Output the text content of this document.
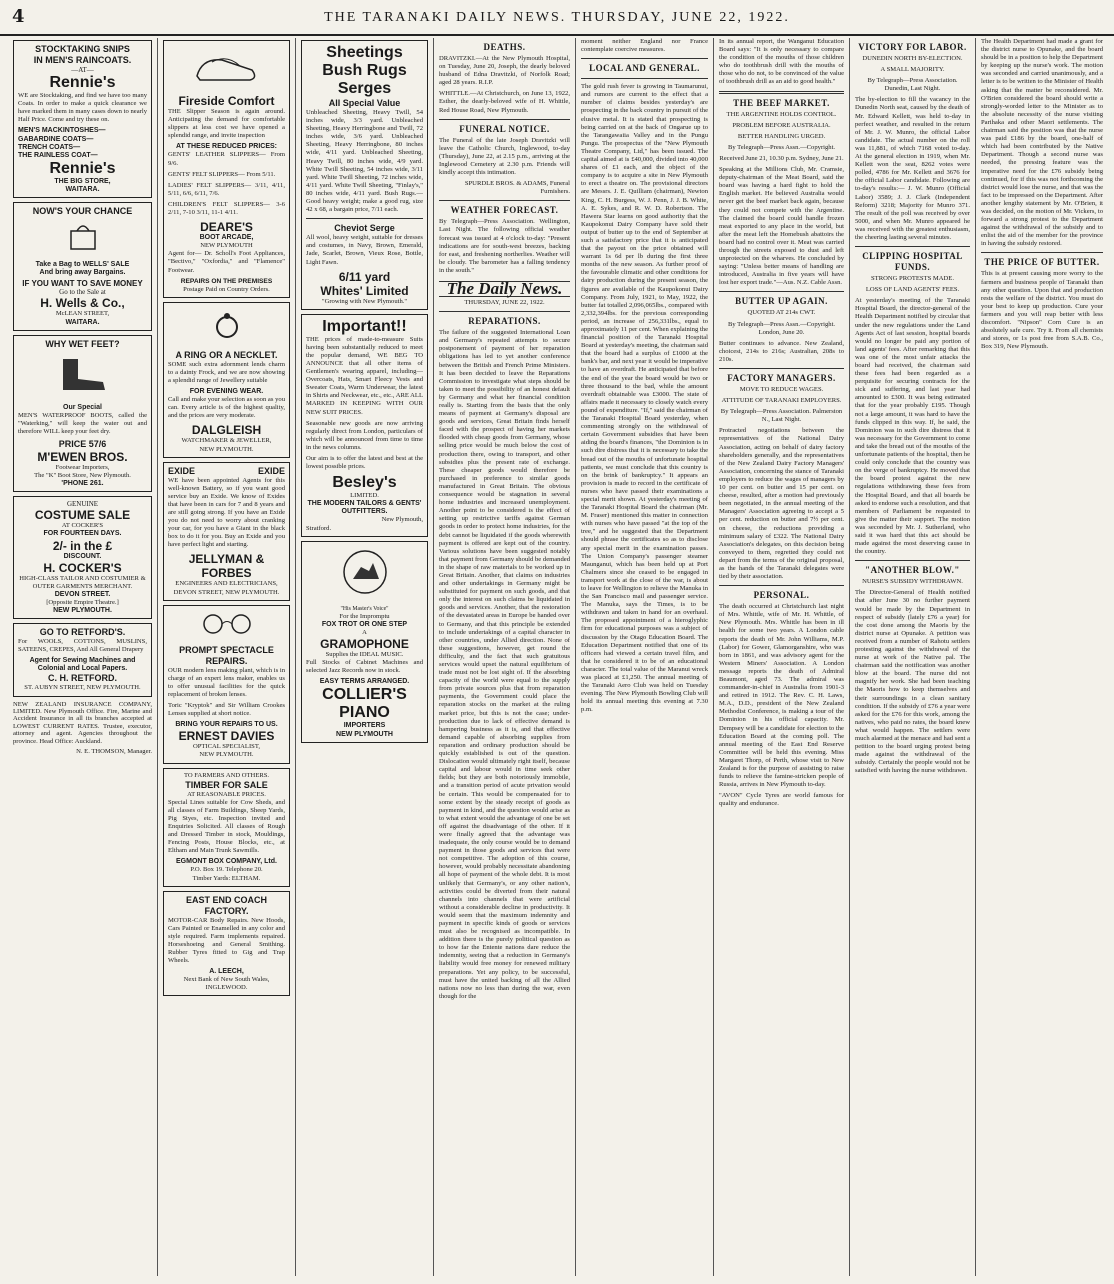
4	THE TARANAKI DAILY NEWS. THURSDAY, JUNE 22, 1922.
STOCKTAKING SNIPS
IN MEN'S RAINCOATS.
—AT—
Rennie's
WE are Stocktaking, and find we have too many Coats. In order to make a quick clearance we have marked them in many cases down to nearly Half Price. Come and try these on.
MEN'S MACKINTOSHES—
GABARDINE COATS—
TRENCH COATS—
THE RAINLESS COAT—
Rennie's
THE BIG STORE,
WAITARA.
NOW'S YOUR CHANCE
Take a Bag to WELLS' SALE
And bring away Bargains.
IF YOU WANT TO SAVE MONEY
Go to the Sale at
H. Wells & Co.,
McLEAN STREET,
WAITARA.
WHY WET FEET?
Our Special
MEN'S WATERPROOF BOOTS, called the "Waterking," will keep the water out and therefore WILL keep your feet dry.
PRICE 57/6
M'EWEN BROS.
Footwear Importers,
The "K" Boot Store, New Plymouth.
'PHONE 261.
GENUINE
COSTUME SALE
AT COCKER'S
FOR FOURTEEN DAYS.
2/- in the £
DISCOUNT.
H. COCKER'S
HIGH-CLASS TAILOR AND COSTUMIER & OUTER GARMENTS MERCHANT.
DEVON STREET.
[Opposite Empire Theatre.]
NEW PLYMOUTH.
GO TO RETFORD'S.
For WOOLS, COTTONS, MUSLINS, SATEENS, CREPES, And All General Drapery
Agent for Sewing Machines and Colonial and Local Papers.
C. H. RETFORD.
ST. AUBYN STREET, NEW PLYMOUTH.
NEW ZEALAND INSURANCE COMPANY, LIMITED. New Plymouth Office. Fire, Marine and Accident Insurance in all its branches accepted at LOWEST CURRENT RATES. Trustee, executor, attorney and agent. Agencies throughout the province. Head Office: Auckland.
N. E. THOMSON, Manager.
Fireside Comfort
THE Slipper Season is again around. Anticipating the demand for comfortable slippers at less cost we have opened a splendid range, and invite inspection
AT THESE REDUCED PRICES:
GENTS' LEATHER SLIPPERS— From 9/6.
GENTS' FELT SLIPPERS— From 5/11.
LADIES' FELT SLIPPERS— 3/11, 4/11, 5/11, 6/6, 6/11, 7/6.
CHILDREN'S FELT SLIPPERS— 3-6 2/11, 7-10 3/11, 11-1 4/11.
DEARE'S
BOOT ARCADE,
NEW PLYMOUTH
Agent for— Dr. Scholl's Foot Appliances, "Bectivo," "Oxfordia," and "Flamence" Footwear.
REPAIRS ON THE PREMISES
Postage Paid on Country Orders.
A RING OR A NECKLET.
SOME such extra adornment lends charm to a dainty Frock, and we are now showing a splendid range of Jewellery suitable
FOR EVENING WEAR.
Call and make your selection as soon as you can. Every article is of the highest quality, and the prices are very moderate.
DALGLEISH
WATCHMAKER & JEWELLER,
NEW PLYMOUTH.
EXIDE	EXIDE
WE have been appointed Agents for this well-known Battery, so if you want good service buy an Exide. We know of Exides that have been in cars for 7 and 8 years and are still going strong. If you have an Exide you do not need to worry about cranking your car, for you have a Giant in the black box to do it for you. Buy an Exide and you have perfect light and starting.
JELLYMAN & FORBES
ENGINEERS AND ELECTRICIANS,
DEVON STREET, NEW PLYMOUTH.
PROMPT SPECTACLE REPAIRS.
OUR modern lens making plant, which is in charge of an expert lens maker, enables us to offer unusual facilities for the quick replacement of broken lenses.
Toric "Kryptok" and Sir William Crookes Lenses supplied at short notice.
BRING YOUR REPAIRS TO US.
ERNEST DAVIES
OPTICAL SPECIALIST,
NEW PLYMOUTH.
TO FARMERS AND OTHERS.
TIMBER FOR SALE
AT REASONABLE PRICES.
Special Lines suitable for Cow Sheds, and all classes of Farm Buildings, Sheep Yards, Pig Styes, etc. Inspection invited and Enquiries Solicited. All classes of Rough and Dressed Timber in stock, Mouldings, Fencing Posts, House Blocks, etc., at Eltham and Main Trunk Sawmills.
EGMONT BOX COMPANY, Ltd.
P.O. Box 19. Telephone 20.
Timber Yards: ELTHAM.
EAST END COACH FACTORY.
MOTOR-CAR Body Repairs. New Hoods, Cars Painted or Enamelled in any color and style required. Farm implements repaired. Horseshoeing and General Smithing. Rubber Tyres fitted to Gig and Trap Wheels.
A. LEECH,
Next Bank of New South Wales, INGLEWOOD.
Sheetings
Bush Rugs
Serges
All Special Value
Unbleached Sheeting, Heavy Twill, 54 inches wide, 3/3 yard. Unbleached Sheeting, Heavy Herringbone and Twill, 72 inches wide, 3/6 yard. Unbleached Sheeting, Heavy Herringbone, 80 inches wide, 4/11 yard. Unbleached Sheeting, Heavy Twill, 80 inches wide, 4/9 yard. White Twill Sheeting, 54 inches wide, 3/11 yard. White Twill Sheeting, 72 inches wide, 4/11 yard. White Twill Sheeting, "Finlay's," 80 inches wide, 4/11 yard. Bush Rugs.—Good heavy weight; make a good rug, size 42 x 68, a bargain price, 7/11 each.
Cheviot Serge
All wool, heavy weight, suitable for dresses and costumes, in Navy, Brown, Emerald, Jade, Scarlet, Brown, Vieux Rose, Bottle, Light Fawn.
6/11 yard
Whites' Limited
"Growing with New Plymouth."
Important!!
THE prices of made-to-measure Suits having been substantially reduced to meet the popular demand, WE BEG TO ANNOUNCE that all other items of Gentlemen's wearing apparel, including—Overcoats, Hats, Smart Fleecy Vests and Sweater Coats, Warm Underwear, the latest in Shirts and Neckwear, etc., etc., ARE ALL MARKED IN KEEPING WITH OUR NEW SUIT PRICES.
Seasonable new goods are now arriving regularly direct from London, particulars of which will be announced from time to time in the news columns.
Our aim is to offer the latest and best at the lowest possible prices.
Besley's
LIMITED.
THE MODERN TAILORS & GENTS' OUTFITTERS.
New Plymouth,
Stratford.
"His Master's Voice"
For the Impromptu
FOX TROT OR ONE STEP
A
GRAMOPHONE
Supplies the IDEAL MUSIC.
Full Stocks of Cabinet Machines and selected Jazz Records now in stock.
EASY TERMS ARRANGED.
COLLIER'S PIANO
IMPORTERS
NEW PLYMOUTH
DEATHS.
DRAVITZKI.—At the New Plymouth Hospital, on Tuesday, June 20, Joseph, the dearly beloved husband of Edna Dravitzki, of Norfolk Road; aged 28 years. R.I.P.
WHITTLE.—At Christchurch, on June 13, 1922, Esther, the dearly-beloved wife of H. Whittle, Red House Road, New Plymouth.
FUNERAL NOTICE.
The Funeral of the late Joseph Dravitzki will leave the Catholic Church, Inglewood, to-day (Thursday), June 22, at 2.15 p.m., arriving at the Inglewood Cemetery at 2.30 p.m. Friends will kindly accept this intimation.
SPURDLE BROS. & ADAMS, Funeral Furnishers.
WEATHER FORECAST.
By Telegraph—Press Association. Wellington, Last Night. The following official weather forecast was issued at 4 o'clock to-day: "Present indications are for south-west breezes, backing for east, and freshening northerlies. Weather will be cloudy. The barometer has a falling tendency in the south."
The Daily News.
THURSDAY, JUNE 22, 1922.
REPARATIONS.
The failure of the suggested International Loan and Germany's repeated attempts to secure postponement of payment of her reparation obligations has led to yet another conference between the British and French Prime Ministers. It has been decided to leave the Reparations Commission to investigate what steps should be taken to meet the possibility of an honest default by Germany and what her financial condition really is. Starting from the basis that the only means of payment at Germany's disposal are goods and services, Great Britain finds herself faced with the prospect of having her markets flooded with cheap goods from Germany, whose selling price would be much below the cost of production there, owing to transport, and other subsidies plus the present rate of exchange. These cheaper goods would therefore be purchased in preference to similar goods manufactured in Great Britain. The obvious consequence would be stagnation in several home industries and increased unemployment. Another point to be considered is the effect of setting up restrictive tariffs against German goods in order to protect home industries, for the debt cannot be liquidated if the goods wherewith payment is offered are kept out of the country. Various solutions have been suggested notably that payment from Germany should be demanded in the shape of raw materials to be worked up in Great Britain. Another, that claims on industries and other undertakings in Germany might be substituted for payment on such goods, and that only the interest on such claims be liquidated in goods and services. Another, that the restoration of the devastated areas in Europe be handed over to Germany, and that this principle be extended to include undertakings of a capital character in other countries, under Allied direction. None of these suggestions, however, get round the difficulty, and the fact that such gratuitous services would upset the natural equilibrium of trade must not be lost sight of. If the absorbing capacity of the world were equal to the supply from private sources plus that from reparation payments, the Government could place the reparation stocks on the market at the ruling market price, but this is not the case; under-production due to lack of effective demand is hampering business as it is, and that effective demand capable of absorbing supplies from reparation and ordinary production should be quickly established is out of the question. Dislocation would ultimately right itself, because capital and labour would in time seek other fields; but they are both notoriously immobile, and a transition period of acute privation would be certain. This would be compensated for to some extent by the steady receipt of goods as payment in kind, and the question would arise as to what extent would the advantage of one be set off against the disadvantage of the other. If it were finally agreed that the advantage was inadequate, the only course would be to demand payment in those goods and services that were not competitive. The adoption of this course, however, would probably necessitate abandoning all hope of payment of the whole debt. It is most unlikely that Germany's, or any other nation's, activities could be diverted from their natural channels into channels that were artificial without a considerable decline in productivity. It would seem that the maximum indemnity and payment in specific kinds of goods or services must also be recognised as incompatible. In addition there is the purely political question as to how far the Entente nations dare reduce the indemnity, seeing that a reduction in Germany's liability would free money for renewed military preparations. Yet any policy, to be successful, must have the united backing of all the Allied nations now no less than during the war, even though for the
moment neither England nor France contemplate coercive measures.
LOCAL AND GENERAL.
The gold rush fever is growing in Taumarunui, and rumors are current to the effect that a number of claims besides yesterday's are prospecting in the back country in pursuit of the elusive metal. It is stated that prospecting is being carried on at the back of Ongarue up to the Tarangawaiia Valley and in the Pungu Pungu. The prospectus of the "New Plymouth Theatre Company, Ltd," has been issued. The capital aimed at is £40,000, divided into 40,000 shares of £1 each, and the object of the company is to acquire a site in New Plymouth to erect a theatre on. The provisional directors are Messrs. J. E. Quilliam (chairman), Newton King, C. H. Burgess, W. J. Penn, J. J. B. White, A. E. Sykes, and R. W. D. Robertson. The Hawera Star learns on good authority that the Kaupokonui Dairy Company have sold their output of butter up to the end of September at such a satisfactory price that it is anticipated that the payout on the price obtained will warrant 1s 6d per lb during the first three months of the new season. As further proof of the favourable climatic and other conditions for dairy production during the present season, the figures are available of the Kaupokonui Dairy Company. From July, 1921, to May, 1922, the butter fat totalled 2,096,065lbs., compared with 2,332,394lbs. for the previous corresponding period, an increase of 256,331lbs., equal to approximately 11 per cent. When explaining the financial position of the Taranaki Hospital Board at yesterday's meeting, the chairman said that the board had a surplus of £1000 at the bank's bar, and next year it would be imperative to have an overdraft. He anticipated that before the end of the year the board would be two or three thousand to the bad, while the amount overdraft obtainable was £3000. The state of affairs made it necessary to closely watch every pound of expenditure. "If," said the chairman of the Taranaki Hospital Board yesterday, when commenting strongly on the withdrawal of certain Government subsidies that have been aiding the board's finances, "the Dominion is in such dire distress that it is necessary to take the bread out of the mouths of unfortunate hospital patients, we must conclude that this country is on the brink of bankruptcy." It appears an provision is made to record in the certificate of nurses who have passed their examinations a special merit shown. At yesterday's meeting of the Taranaki Hospital Board the chairman (Mr. M. Fraser) mentioned this matter in connection with nurses who have passed "at the top of the tree," and he suggested that the Department should phrase the certificates so as to disclose any special merit in the examination passes. The Union Company's passenger steamer Maunganui, which has been held up at Port Chalmers since she ceased to be engaged in transport work at the close of the war, is about to leave for Wellington to relieve the Manuka in the San Francisco mail and passenger service. The Manuka, says the Times, is to be withdrawn and taken in hand for an overhaul. The proposed appointment of a hieroglyphic firm for educational purposes was a subject of discussion by the Otago Education Board. The Education Department notified that one of its officers had viewed a certain travel film, and that he considered it to be of an educational character. The total value of the Maranui wreck was placed at £1,250. The annual meeting of the Taranaki Aero Club was held on Tuesday evening. The New Plymouth Bowling Club will hold its annual meeting this evening at 7.30 p.m.
In its annual report, the Wanganui Education Board says: "It is only necessary to compare the condition of the mouths of those children who do toothbrush drill with the mouths of those who do not, to be convinced of the value of toothbrush drill as an aid to good health."
THE BEEF MARKET.
THE ARGENTINE HOLDS CONTROL.
PROBLEM BEFORE AUSTRALIA.
BETTER HANDLING URGED.
By Telegraph—Press Assn.—Copyright.
Received June 21, 10.30 p.m. Sydney, June 21.
Speaking at the Millions Club, Mr. Cramsie, deputy-chairman of the Meat Board, said the board was having a hard fight to hold the English market. He believed Australia would never get the beef market back again, because they could not compete with the Argentine. The claimed the board could handle frozen meat exported to any place in the world, but after the meat left the Homebush abattoirs the board had no control over it. Meat was carried through the streets exposed to dust and left unprotected on the wharves. He concluded by saying: "Unless better means of handling are introduced, Australia in five years will have lost her export trade."—Aus. N.Z. Cable Assn.
BUTTER UP AGAIN.
QUOTED AT 214s CWT.
By Telegraph—Press Assn.—Copyright. London, June 20.
Butter continues to advance. New Zealand, choicest, 214s to 216s; Australian, 208s to 210s.
FACTORY MANAGERS.
MOVE TO REDUCE WAGES.
ATTITUDE OF TARANAKI EMPLOYERS.
By Telegraph—Press Association. Palmerston N., Last Night.
Protracted negotiations between the representatives of the National Dairy Association, acting on behalf of dairy factory shareholders generally, and the representatives of the New Zealand Dairy Factory Managers' Association, concerning the stance of Taranaki employers to reduce the wages of managers by 10 per cent. on butter and 15 per cent. on cheese, resulted, after a motion had previously been negotiated, in the annual meeting of the Managers' Association agreeing to accept a 5 per cent. reduction on butter and 7½ per cent. on cheese, the reductions providing a minimum salary of £322. The National Dairy Association's delegates, on this decision being conveyed to them, regretted they could not depart from the terms of the original proposal, as the hands of the Taranaki delegates were tied by their association.
PERSONAL.
The death occurred at Christchurch last night of Mrs. Whittle, wife of Mr. H. Whittle, of New Plymouth. Mrs. Whittle has been in ill health for some two years. A London cable reports the death of Mr. John Williams, M.P. (Labor) for Gower, Glamorganshire, who was born in 1861, and was advisory agent for the Western Miners' Association. A London message reports the death of Admiral Beaumont, aged 73. The admiral was commander-in-chief in Australia from 1901-3 and retired in 1912. The Rev. C. H. Laws, M.A., D.D., president of the New Zealand Methodist Conference, is making a tour of the Dominion in his official capacity. Mr. Dempsey will be a candidate for election to the Education Board at the coming poll. The annual meeting of the East End Reserve Committee will be held this evening. Miss Margaret Thorp, of Perth, whose visit to New Zealand is for the purpose of assisting to raise funds to relieve the famine-stricken people of Russia, arrives in New Plymouth to-day.
"AVON" Cycle Tyres are world famous for quality and endurance.
VICTORY FOR LABOR.
DUNEDIN NORTH BY-ELECTION.
A SMALL MAJORITY.
By Telegraph—Press Association. Dunedin, Last Night.
The by-election to fill the vacancy in the Dunedin North seat, caused by the death of Mr. Edward Kellett, was held to-day in perfect weather, and resulted in the return of Mr. J. W. Munro, the official Labor candidate. The actual number on the roll was 11,881, of which 7168 voted to-day. At the general election in 1919, when Mr. Kellett won the seat, 8262 votes were polled, 4786 for Mr. Kellett and 3676 for the official Labor candidate. Following are to-day's results:— J. W. Munro (Official Labor) 3589; J. J. Clark (Independent Reform) 3218; Majority for Munro 371. The result of the poll was received by over 5000, and when Mr. Munro appeared he was received with the greatest enthusiasm, the cheering lasting several minutes.
CLIPPING HOSPITAL FUNDS.
STRONG PROTESTS MADE.
LOSS OF LAND AGENTS' FEES.
At yesterday's meeting of the Taranaki Hospital Board, the director-general of the Health Department notified by circular that under the new regulations under the Land Agents Act of last session, hospital boards would no longer be paid any portion of land agents' fees. After remarking that this was one of the most unfair attacks the board had received, the chairman said these fees had been regarded as a perquisite for securing contracts for the sick and suffering, and last year had amounted to £300. It was being estimated that for the year probably £195. Though not a large amount, it was hard to have the funds clipped in this way. If, he said, the Dominion was in such dire distress that it was necessary for the Government to come and take the bread out of the mouths of the unfortunate patients of the hospital, then he could only conclude that the country was on the verge of bankruptcy. He moved that the board protest against the new regulations withdrawing these fees from the Hospital Board, and that all boards be asked to endorse such a resolution, and that members of Parliament be requested to give the matter their support. The motion was seconded by Mr. J. Sutherland, who said it was hard that this act should be made against the most deserving cause in the country.
"ANOTHER BLOW."
NURSE'S SUBSIDY WITHDRAWN.
The Director-General of Health notified that after June 30 no further payment would be made by the Department in respect of subsidy (lately £76 a year) for the cost done among the Maoris by the district nurse at Opunake. A petition was received from a number of Rahotu settlers protesting against the withdrawal of the nurse at work of the Native pal. The chairman said the notification was another blow at the board. The nurse did not magnify her work. She had been teaching the Maoris how to keep themselves and their surroundings in a clean sanitary condition. If the subsidy of £76 a year were asked for the £76 for this work, among the natives, who paid no rates, the board knew what would happen. The settlers were much alarmed at the menace and had sent a petition to the board urging protest being made against the withdrawal of the subsidy. Certainly the people would not be satisfied with having the nurse withdrawn.
The Health Department had made a grant for the district nurse to Opunake, and the board should be in a position to help the Department by keeping up the nurse's work. The motion was seconded and carried unanimously, and a letter is to be written to the Minister of Health asking that the matter be reconsidered. Mr. O'Brien considered the board should write a strongly-worded letter to the Minister as to the absolute necessity of the nurse visiting Parihaka and other Maori settlements. The chairman said the position was that the nurse was paid £186 by the board, one-half of which had been contributed by the Native Department. Though a second nurse was needed, the pressing feature was the imperative need for the £76 subsidy being continued, for if this was not forthcoming the district would lose the nurse, and that was the fact to be impressed on the Department. After another lengthy statement by Mr. O'Brien, it was decided, on the motion of Mr. Vickers, to forward a strong protest to the Department against the withdrawal of the subsidy and to enlist the aid of the member for the province in having the subsidy restored.
THE PRICE OF BUTTER.
This is at present causing more worry to the farmers and business people of Taranaki than any other question. Upon that and production rests the welfare of the district. You must do your best to keep up production. Cure your farmers and you will reap better with less discomfort. "Nipson" Corn Cure is an absolutely safe cure. Try it. From all chemists and stores, or 1s post free from S.A.B. Co., Box 319, New Plymouth.
